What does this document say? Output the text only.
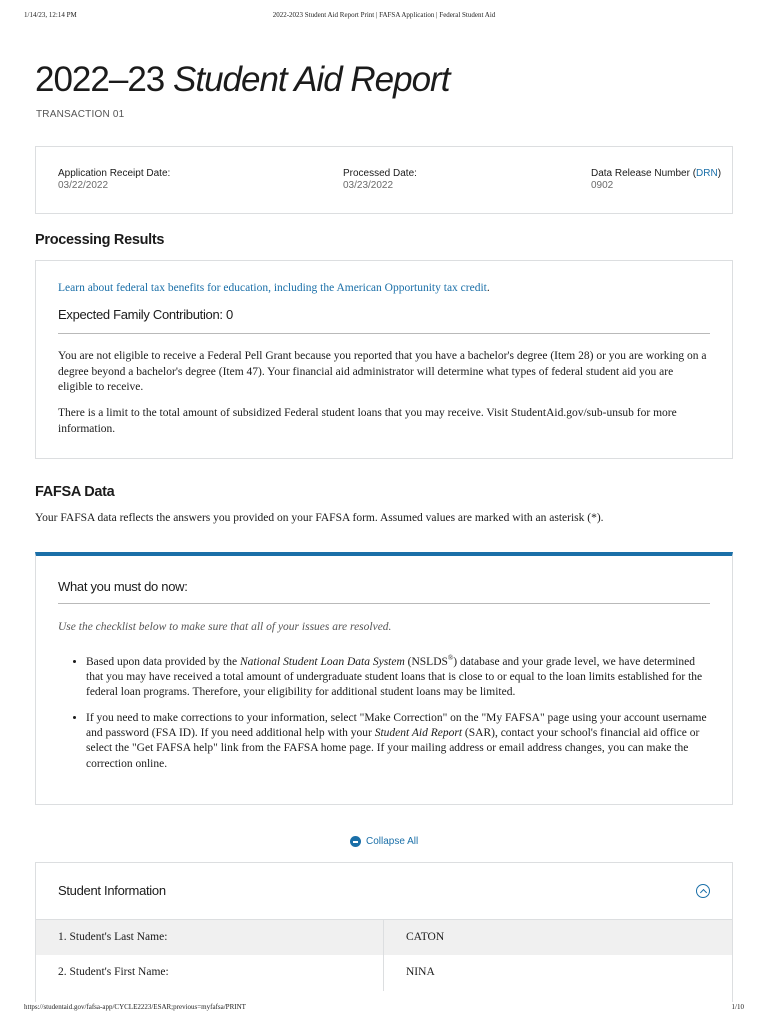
1/14/23, 12:14 PM	2022-2023 Student Aid Report Print | FAFSA Application | Federal Student Aid
2022–23 Student Aid Report
TRANSACTION 01
Application Receipt Date:
03/22/2022
Processed Date:
03/23/2022
Data Release Number (DRN)
0902
Processing Results
Learn about federal tax benefits for education, including the American Opportunity tax credit.
Expected Family Contribution: 0

You are not eligible to receive a Federal Pell Grant because you reported that you have a bachelor's degree (Item 28) or you are working on a degree beyond a bachelor's degree (Item 47). Your financial aid administrator will determine what types of federal student aid you are eligible to receive.

There is a limit to the total amount of subsidized Federal student loans that you may receive. Visit StudentAid.gov/sub-unsub for more information.

FAFSA Data

Your FAFSA data reflects the answers you provided on your FAFSA form. Assumed values are marked with an asterisk (*).

What you must do now:

Use the checklist below to make sure that all of your issues are resolved.

• Based upon data provided by the National Student Loan Data System (NSLDS®) database and your grade level, we have determined that you may have received a total amount of undergraduate student loans that is close to or equal to the loan limits established for the federal loan programs. Therefore, your eligibility for additional student loans may be limited.
• If you need to make corrections to your information, select "Make Correction" on the "My FAFSA" page using your account username and password (FSA ID). If you need additional help with your Student Aid Report (SAR), contact your school's financial aid office or select the "Get FAFSA help" link from the FAFSA home page. If your mailing address or email address changes, you can make the correction online.
Collapse All
Student Information
1. Student's Last Name:	CATON
2. Student's First Name:	NINA
https://studentaid.gov/fafsa-app/CYCLE2223/ESAR;previous=myfafsa/PRINT	1/10
